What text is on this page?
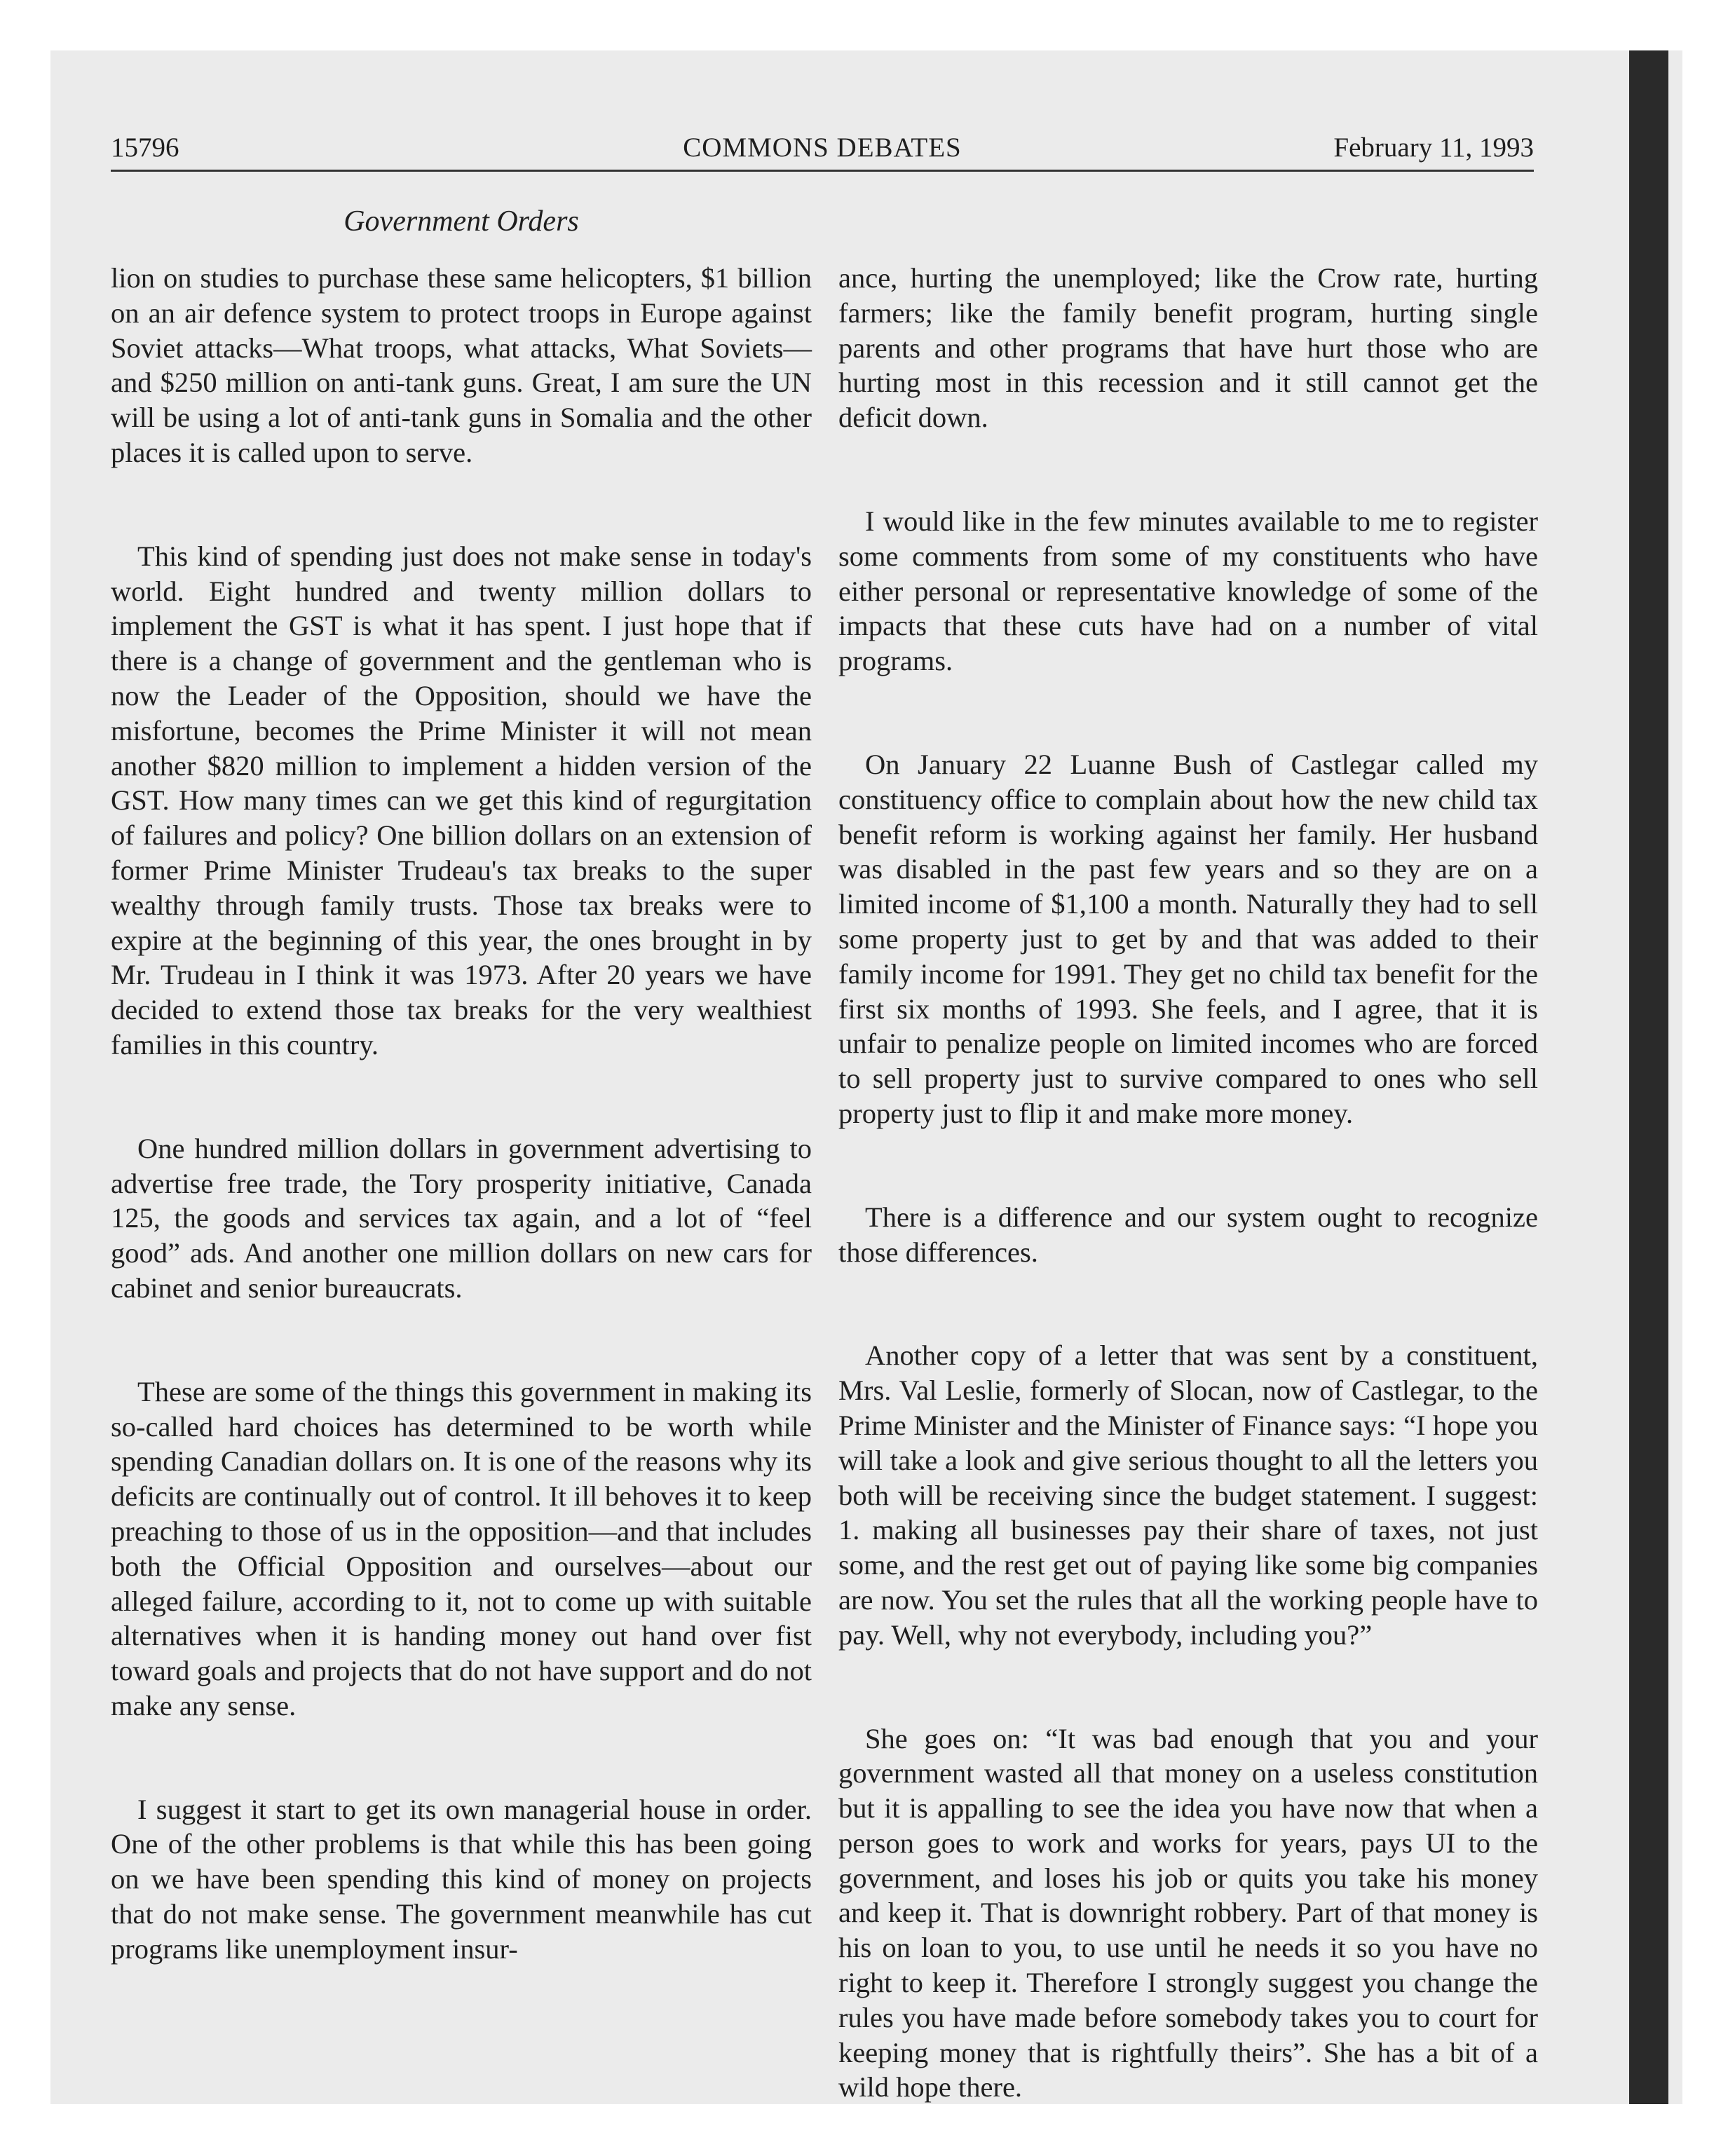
15796	COMMONS DEBATES	February 11, 1993
Government Orders

lion on studies to purchase these same helicopters, $1 billion on an air defence system to protect troops in Europe against Soviet attacks—What troops, what attacks, What Soviets—and $250 million on anti-tank guns. Great, I am sure the UN will be using a lot of anti-tank guns in Somalia and the other places it is called upon to serve.

This kind of spending just does not make sense in today's world. Eight hundred and twenty million dollars to implement the GST is what it has spent. I just hope that if there is a change of government and the gentleman who is now the Leader of the Opposition, should we have the misfortune, becomes the Prime Minister it will not mean another $820 million to implement a hidden version of the GST. How many times can we get this kind of regurgitation of failures and policy? One billion dollars on an extension of former Prime Minister Trudeau's tax breaks to the super wealthy through family trusts. Those tax breaks were to expire at the beginning of this year, the ones brought in by Mr. Trudeau in I think it was 1973. After 20 years we have decided to extend those tax breaks for the very wealthiest families in this country.

One hundred million dollars in government advertising to advertise free trade, the Tory prosperity initiative, Canada 125, the goods and services tax again, and a lot of “feel good” ads. And another one million dollars on new cars for cabinet and senior bureaucrats.

These are some of the things this government in making its so-called hard choices has determined to be worth while spending Canadian dollars on. It is one of the reasons why its deficits are continually out of control. It ill behoves it to keep preaching to those of us in the opposition—and that includes both the Official Opposition and ourselves—about our alleged failure, according to it, not to come up with suitable alternatives when it is handing money out hand over fist toward goals and projects that do not have support and do not make any sense.

I suggest it start to get its own managerial house in order. One of the other problems is that while this has been going on we have been spending this kind of money on projects that do not make sense. The government meanwhile has cut programs like unemployment insur-

ance, hurting the unemployed; like the Crow rate, hurting farmers; like the family benefit program, hurting single parents and other programs that have hurt those who are hurting most in this recession and it still cannot get the deficit down.

I would like in the few minutes available to me to register some comments from some of my constituents who have either personal or representative knowledge of some of the impacts that these cuts have had on a number of vital programs.

On January 22 Luanne Bush of Castlegar called my constituency office to complain about how the new child tax benefit reform is working against her family. Her husband was disabled in the past few years and so they are on a limited income of $1,100 a month. Naturally they had to sell some property just to get by and that was added to their family income for 1991. They get no child tax benefit for the first six months of 1993. She feels, and I agree, that it is unfair to penalize people on limited incomes who are forced to sell property just to survive compared to ones who sell property just to flip it and make more money.

There is a difference and our system ought to recognize those differences.

Another copy of a letter that was sent by a constituent, Mrs. Val Leslie, formerly of Slocan, now of Castlegar, to the Prime Minister and the Minister of Finance says: “I hope you will take a look and give serious thought to all the letters you both will be receiving since the budget statement. I suggest: 1. making all businesses pay their share of taxes, not just some, and the rest get out of paying like some big companies are now. You set the rules that all the working people have to pay. Well, why not everybody, including you?”

She goes on: “It was bad enough that you and your government wasted all that money on a useless constitution but it is appalling to see the idea you have now that when a person goes to work and works for years, pays UI to the government, and loses his job or quits you take his money and keep it. That is downright robbery. Part of that money is his on loan to you, to use until he needs it so you have no right to keep it. Therefore I strongly suggest you change the rules you have made before somebody takes you to court for keeping money that is rightfully theirs”. She has a bit of a wild hope there.
